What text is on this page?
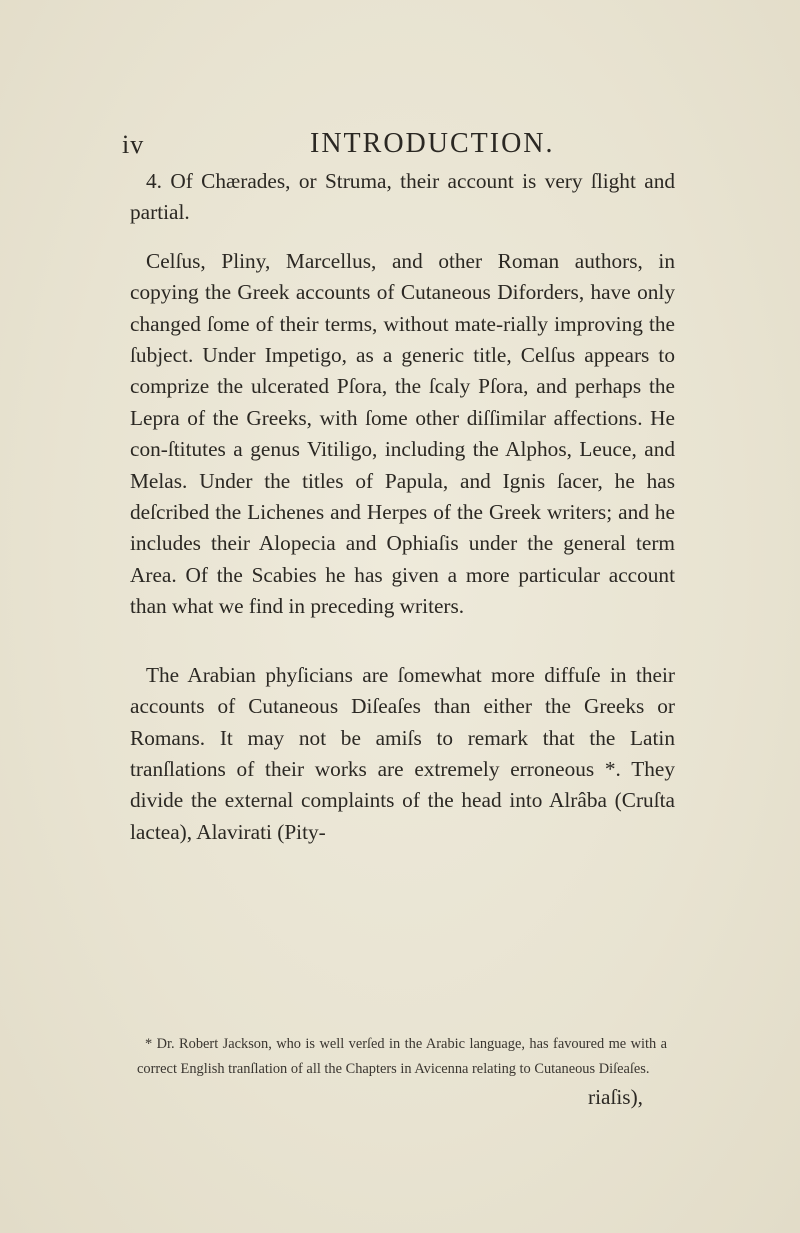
iv	INTRODUCTION.

4. Of Chærades, or Struma, their account is very ſlight and partial.

Celſus, Pliny, Marcellus, and other Roman authors, in copying the Greek accounts of Cutaneous Diforders, have only changed ſome of their terms, without mate-rially improving the ſubject. Under Impetigo, as a generic title, Celſus appears to comprize the ulcerated Pſora, the ſcaly Pſora, and perhaps the Lepra of the Greeks, with ſome other diſſimilar affections. He con-ſtitutes a genus Vitiligo, including the Alphos, Leuce, and Melas. Under the titles of Papula, and Ignis ſacer, he has deſcribed the Lichenes and Herpes of the Greek writers; and he includes their Alopecia and Ophiaſis under the general term Area. Of the Scabies he has given a more particular account than what we find in preceding writers.

The Arabian phyſicians are ſomewhat more diffuſe in their accounts of Cutaneous Diſeaſes than either the Greeks or Romans. It may not be amiſs to remark that the Latin tranſlations of their works are extremely erroneous *. They divide the external complaints of the head into Alrâba (Cruſta lactea), Alavirati (Pity-

* Dr. Robert Jackson, who is well verſed in the Arabic language, has favoured me with a correct English tranſlation of all the Chapters in Avicenna relating to Cutaneous Diſeaſes.

riaſis),
